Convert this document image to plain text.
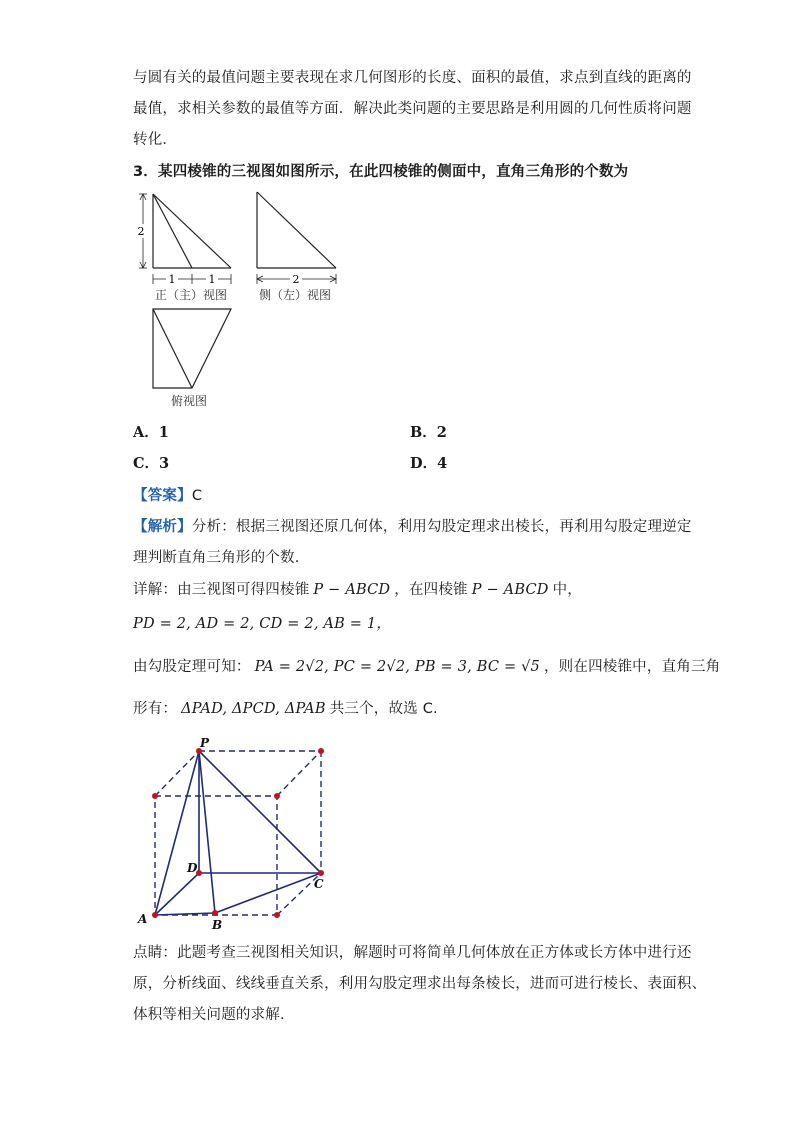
与圆有关的最值问题主要表现在求几何图形的长度、面积的最值，求点到直线的距离的
最值，求相关参数的最值等方面．解决此类问题的主要思路是利用圆的几何性质将问题
转化．
3．某四棱锥的三视图如图所示，在此四棱锥的侧面中，直角三角形的个数为
2
1	1
正（主）视图
2
侧（左）视图
俯视图
A．1	B．2
C．3	D．4
【答案】C
【解析】分析：根据三视图还原几何体，利用勾股定理求出棱长，再利用勾股定理逆定
理判断直角三角形的个数.
详解：由三视图可得四棱锥 P − ABCD ，在四棱锥 P − ABCD 中，
PD = 2, AD = 2, CD = 2, AB = 1，
由勾股定理可知： PA = 2√2, PC = 2√2, PB = 3, BC = √5 ，则在四棱锥中，直角三角
形有： ΔPAD, ΔPCD, ΔPAB 共三个，故选 C.
P
D
A	B
C
点睛：此题考查三视图相关知识，解题时可将简单几何体放在正方体或长方体中进行还
原，分析线面、线线垂直关系，利用勾股定理求出每条棱长，进而可进行棱长、表面积、
体积等相关问题的求解.
